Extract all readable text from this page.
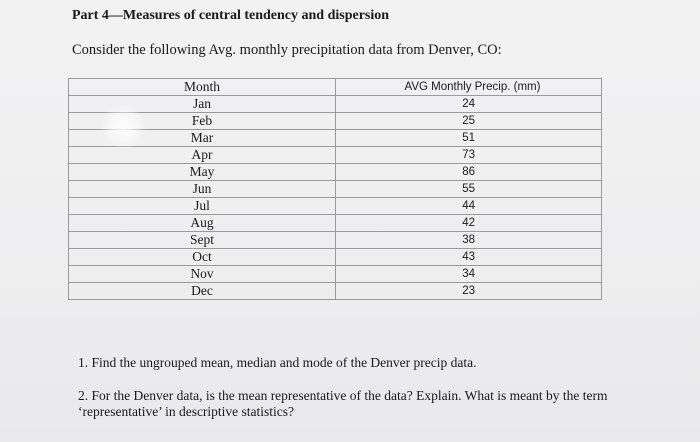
Part 4—Measures of central tendency and dispersion
Consider the following Avg. monthly precipitation data from Denver, CO:
Month	AVG Monthly Precip. (mm)
Jan	24
Feb	25
Mar	51
Apr	73
May	86
Jun	55
Jul	44
Aug	42
Sept	38
Oct	43
Nov	34
Dec	23
1. Find the ungrouped mean, median and mode of the Denver precip data.
2. For the Denver data, is the mean representative of the data? Explain. What is meant by the term ‘representative’ in descriptive statistics?
